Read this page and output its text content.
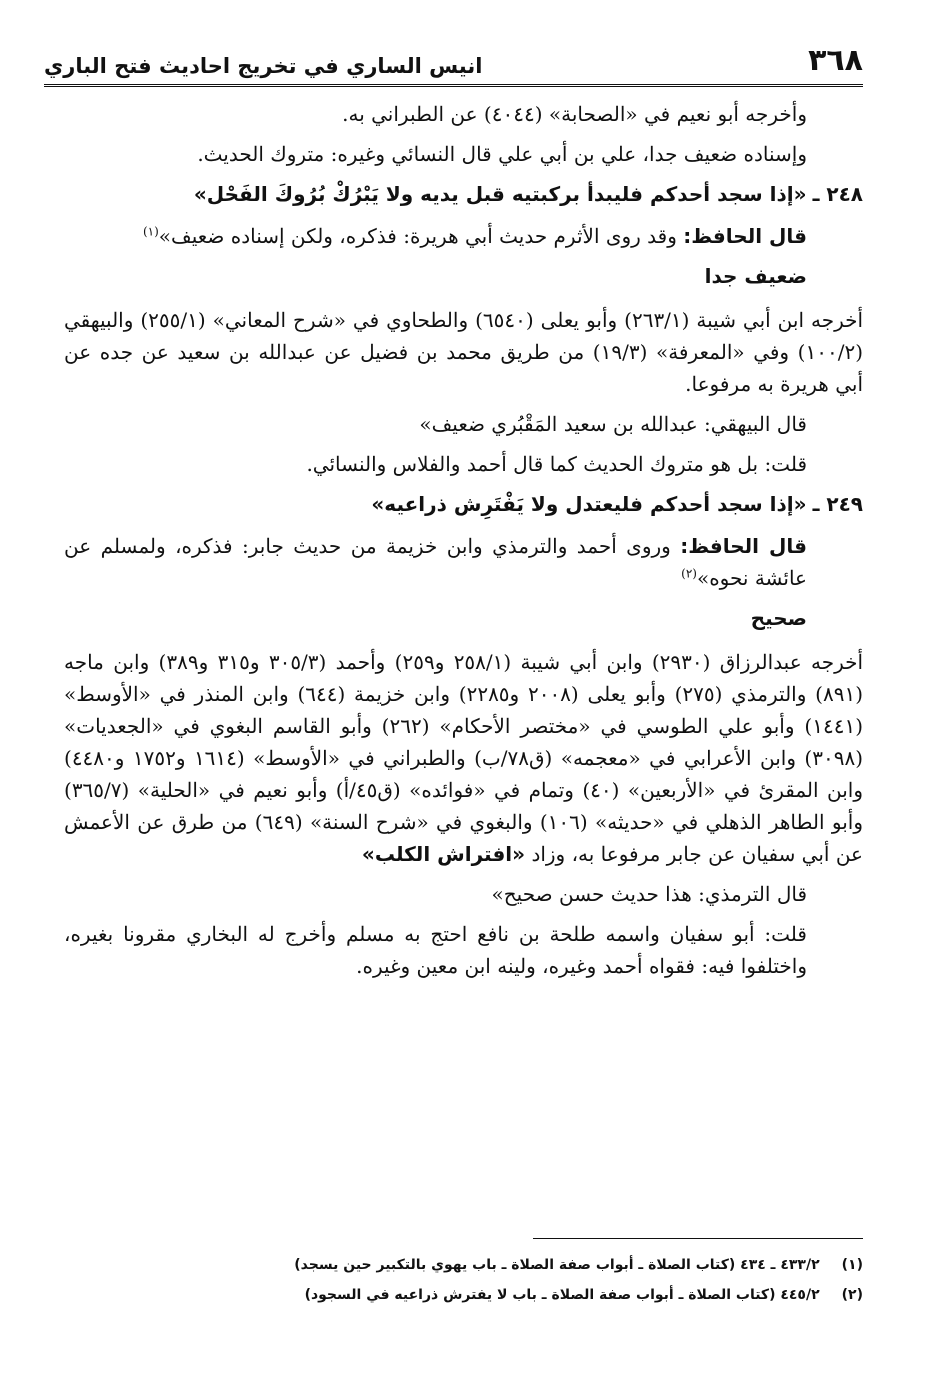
٣٦٨
انيس الساري في تخريج احاديث فتح الباري

وأخرجه أبو نعيم في «الصحابة» (٤٠٤٤) عن الطبراني به.

وإسناده ضعيف جدا، علي بن أبي علي قال النسائي وغيره: متروك الحديث.

٢٤٨ ـ«إذا سجد أحدكم فليبدأ بركبتيه قبل يديه ولا يَبْرُكْ بُرُوكَ الفَحْل»

قال الحافظ: وقد روى الأثرم حديث أبي هريرة: فذكره، ولكن إسناده ضعيف»$^{(١)}$

ضعيف جدا

أخرجه ابن أبي شيبة (٢٦٣/١) وأبو يعلى (٦٥٤٠) والطحاوي في «شرح المعاني» (٢٥٥/١) والبيهقي (١٠٠/٢) وفي «المعرفة» (١٩/٣) من طريق محمد بن فضيل عن عبدالله بن سعيد عن جده عن أبي هريرة به مرفوعا.

قال البيهقي: عبدالله بن سعيد المَقْبُري ضعيف»

قلت: بل هو متروك الحديث كما قال أحمد والفلاس والنسائي.

٢٤٩ ـ«إذا سجد أحدكم فليعتدل ولا يَفْتَرِش ذراعيه»

قال الحافظ: وروى أحمد والترمذي وابن خزيمة من حديث جابر: فذكره، ولمسلم عن عائشة نحوه»$^{(٢)}$

صحيح

أخرجه عبدالرزاق (٢٩٣٠) وابن أبي شيبة (٢٥٨/١ و٢٥٩) وأحمد (٣٠٥/٣ و٣١٥ و٣٨٩) وابن ماجه (٨٩١) والترمذي (٢٧٥) وأبو يعلى (٢٠٠٨ و٢٢٨٥) وابن خزيمة (٦٤٤) وابن المنذر في «الأوسط» (١٤٤١) وأبو علي الطوسي في «مختصر الأحكام» (٢٦٢) وأبو القاسم البغوي في «الجعديات» (٣٠٩٨) وابن الأعرابي في «معجمه» (ق٧٨/ب) والطبراني في «الأوسط» (١٦١٤ و١٧٥٢ و٤٤٨٠) وابن المقرئ في «الأربعين» (٤٠) وتمام في «فوائده» (ق٤٥/أ) وأبو نعيم في «الحلية» (٣٦٥/٧) وأبو الطاهر الذهلي في «حديثه» (١٠٦) والبغوي في «شرح السنة» (٦٤٩) من طرق عن الأعمش عن أبي سفيان عن جابر مرفوعا به، وزاد «افتراش الكلب»

قال الترمذي: هذا حديث حسن صحيح»

قلت: أبو سفيان واسمه طلحة بن نافع احتج به مسلم وأخرج له البخاري مقرونا بغيره، واختلفوا فيه: فقواه أحمد وغيره، ولينه ابن معين وغيره.

(١)٤٣٣/٢ ـ ٤٣٤ (كتاب الصلاة ـ أبواب صفة الصلاة ـ باب يهوي بالتكبير حين يسجد)
(٢)٤٤٥/٢ (كتاب الصلاة ـ أبواب صفة الصلاة ـ باب لا يفترش ذراعيه في السجود)
